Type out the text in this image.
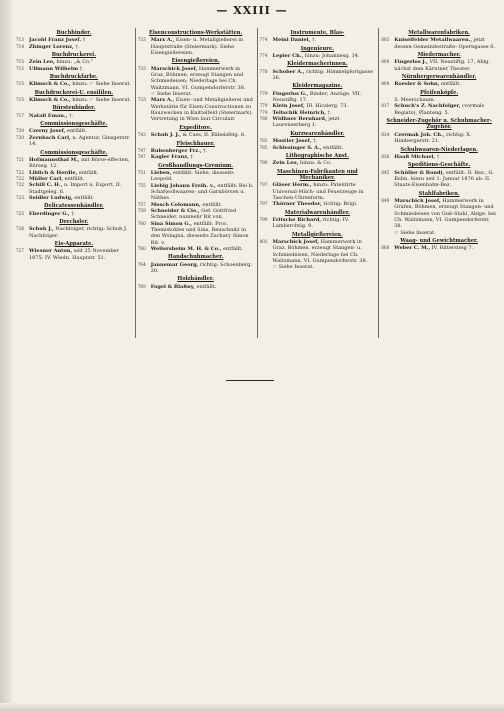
— XXIII —
Buchbinder.
713	Jacobl Franz Josef. †
714	Zhinger Lorenz, †.
Buchdruckerei.
715	Zein Leo, hinzu: „& Co.“
715	Ullmann Wilhelm †.
Buchdruckfarbe.
715	Klimsch & Co., hinzu: ☞ Siehe Inserat.
Buchdruckerei-U. ensililen.
715	Klimsch & Co., hinzu: ☞ Siehe Inserat.
Bürstenbinder.
717	Natali Eman., †.
Commissionsgeschäfte.
720	Czerny Josef, entfällt.
720	Zernbach Carl, u. Agentur, Ginsgerstr. 14.
Commissionsgeschäfte.
721	Hofmannsthal M., mit Börse-effecten, Börseg. 12.
722	Liblich & Herdle, entfällt.
722	Müller Carl, entfällt.
722	Schill C. H., u. Import u. Export, II. Stadtgeleg. 6.
723	Seidler Ludwig, entfällt.
Delicatessenhändler.
725	Eberdinger G., †.
Drechsler.
726	Schuh J., Nachfolger, richtig: Schuh J. Nachfolger.
Eis-Apparate.
727	Wiesner Anton, seit 25 November 1875: IV. Wiedn. Hauptstr. 51.
Eisenconstructions-Werkstätten.
733	Marx A., Eisen- u. Metallgießerei in Hauptstraße (Steiermark). Siehe Eisengießereien.
Eisengießereien.
733	Marschick Josef, Hammerwerk in Graz, Böhmen, erzeugt Stangen und Schmiedeisen; Niederlage bei Ch. Waitzmann, VI. Gumpendorferstr. 38.
☞ Siehe Inserat.
733	Marx A., Eisen- und Metallgießerei und Werkstätte für Eisen-Constructionen zu Bauzwecken in Knittelfeld (Steiermark). Vertretung in Wien laut Circulair.
Expeditore.
743	Schuh J. J., & Cuss, II. Bäbeisfelg. 6.
Fleischhauer.
747	Rubenberger Frz., †.
747	Kagler Franz, †.
Großhandlungs-Gremium.
751	Lieben, entfällt: Siehe, diesseits Leopold.
755	Liebig Johann Freih. v., entfällt: Bei b. Schafwollwaaren- und Garnbörsen u. Näthes.
757	Mesch Colomann, entfällt.
759	Schneider & Cie., Gef. Gottfried Schneider, nunmehr Rit von.
760	Sina Simon G., entfällt: Proc. Themistokles und Sina, Reuschnitz in den Wolagna, diesseits Zachary Simon Rit. v.
760	Weilersheim M. H. & Co., entfällt.
Handschuhmacher.
764	Jannemar Georg, richtig: Schoenberg. 20.
Holzhändler.
769	Fogel & Blaßny, entfällt.
Instrumente, Blas-
774	Meinl Daniel, †.
Ingenieure.
774	Lepier Ch., hinzu: Johannesg. 14.
Kleidermacherinnen.
778	Schober A., richtig: Himmelpfortgasse 26.
Kleidermagazine.
779	Fingerlos G., Binder; Anzüge, VII. Neustiftg. 17.
779	Klein Josef, III. Hiczlerg. 73.
779	Teltschik Heinrich, †.
780	Widhner Bernhard, jetzt Laurenzerberg 1.
Kurzwarenhändler.
785	Mostler Josef, †.
785	Schlesinger S. A., entfällt.
Lithographische Anst.
790	Zein Leo, hinzu: & Co.
Maschinen-Fabrikanten und Mechaniker.
797	Gläser Herm., hinzu: Patentirte Universal-Milch- und Feuerzeuge in Taschen-Uhrenform.
797	Thörner Theodor, richtig: Brigi.
Materialwarenhändler.
799	Fritsche Richard, richtig: IV. Lamberchtig. 9.
Metallgießereien.
802	Marschick Josef, Hammerwerk in Graz, Böhmen, erzeugt Stangen- u. Schmiedeisen, Niederlage bei Ch. Waitzmann, VI. Gumpendorferstr. 38.
☞ Siehe Inserat.
Metallwarenfabriken.
805	Kniselfelder Metallwaaren., jetzt dessen Gemeindestraße: Operngasse 6.
Miedermacher.
809	Fingerlos J., VII. Neustiftg. 17, Ablg. nächst dem Kärntner Theater.
Nürnbergerwarenhändler.
809	Roesler & Sohn, entfällt.
Pfeifenköpfe.
S. Meerschaum.
817	Schuch's Z. Nachfolger, (vormals Begiato), Planteng. 5.
Schneider-Zugehör u. Schuhmacher-Zugehör.
834	Czermak Joh. Ch., richtig: X. Himbergerstr. 21.
Schuhwaaren-Niederlagen.
836	Haaß Michael, †.
Speditions-Geschäfte.
845	Schüller & Bondi, entfällt: II. Bez., G. Bahn, hiezu seit 1. Januar 1876 ab: II. Staats-Eisenbahn-Bez.
Stahlfabriken.
849	Marschick Josef, Hammerwerk in Grafen, Böhmen, erzeugt Stangen- und Schmiedeisen von Guß-Stahl, Ablge. bei Ch. Waitzmann, VI. Gumpendorferstr. 38.
☞ Siehe Inserat.
Waag- und Gewichtmacher.
868	Weber C. M., IV. Rittersteig 7.
